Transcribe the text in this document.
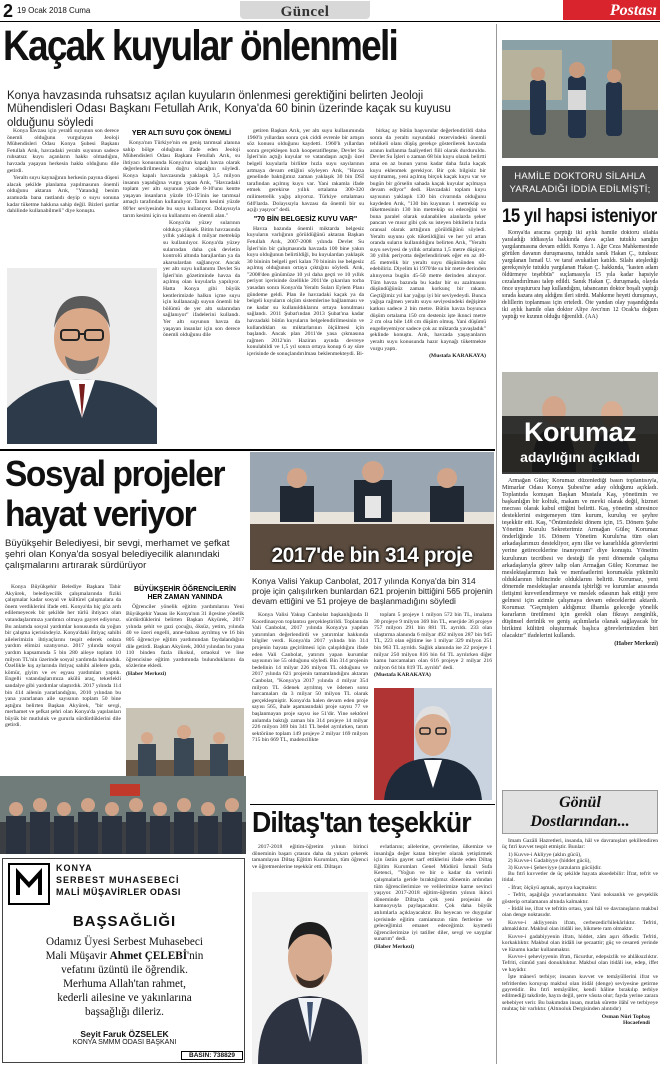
2 19 Ocak 2018 Cuma	Güncel	Postası
Kaçak kuyular önlenmeli
Konya havzasında ruhsatsız açılan kuyuların önlenmesi gerektiğini belirten Jeoloji Mühendisleri Odası Başkanı Fetullah Arık, Konya'da 60 binin üzerinde kaçak su kuyusu olduğunu söyledi

Konya havzası için yeraltı suyunun son derece önemli olduğunu vurgulayan Jeoloji Mühendisleri Odası Konya Şubesi Başkanı Fetullah Arık, havzadaki yeraltı suyunun sadece ruhsatsız kuyu açanların hakkı olmadığını, havzada yaşayan herkesin hakkı olduğunu dile getirdi.

Yeraltı suyu kaynağının herkesin payına düşeni alacak şekilde planlama yapılmasının önemli olduğunu aktaran Arık, "Yatandığ benim aramızda bana rastlandı deyip o suyu sonuna kadar tüketme hakkına sahip değil. Bizleri şartlar dahilinde kullanabilmeli" diye konuştu.

YER ALTI SUYU ÇOK ÖNEMLİ

Konya'nın Türkiye'nin en geniş tarımsal alanına sahip bölge olduğunu ifade eden Jeoloji Mühendisleri Odası Başkanı Fetullah Arık, su ihtiyacı konusunda Konya'nın kapalı havza olarak değerlendirilmesinin doğru olacağını söyledi. Konya kapalı havzasında yaklaşık 3,5 milyon insanın yaşadığına vurgu yapan Arık, "Havzadaki toplam yer altı suyunun yüzde 8-10'unu kentte yaşayan insanların yüzde 10-15'inin ise tarımsal amaçlı tarafından kullanılıyor. Tarım kesimi yüzde 80'ler seviyesinde bu suyu kullanıyor. Dolayısıyla tarım kesimi için su kullanımı en önemli alan."

Konya'da yüzey sularının oldukça yüksek. Bitim havzasında yıllık yaklaşık 4 milyar metreküp su kullanılıyor. Konya'da yüzey sularından daha çok devletin kontrolü altında barajlardan ya da akarsulardan sağlanıyor. Ancak yer altı suyu kullanımı Devlet Su İşleri'nin gözetiminde havza da açılmış olan kuyularla yapılıyor. Hatta Konya gibi büyük kentlerimizde halkın içme suyu için kullanacağı suyun önemli bir bölümü de yer altı sularından sağlanıyor" ifadelerini kullandı. Yer altı suyunun havza da yaşayan insanlar için son derece önemli olduğunu dile

getiren Başkan Arık, yer altı suyu kullanımında 1960'lı yıllardan sonra çok ciddi evrenle bir artışın söz konusu olduğunu kaydetti. 1960'lı yıllardan sonra gerçekleşen hızlı kooperatifleşme, Devlet Su İşleri'nin açtığı kuyular ve vatandaşın açtığı özel belgeli kuyularla birlikte hızla suyu sayılarının artmaya devam ettiğini söyleyen Arık, "Havza genelinde baktığımız zaman yaklaşık 30 bin DSİ tarafından açılmış kuyu var. Yani rakamla ifade etmek gerekirse yıllık ortalama 300-320 milimetrelik yağış alıyoruz. Türkiye ortalaması 640'larda. Dolayısıyla havzası da önemli bir su açığı yaşıyor" dedi.

"70 BİN BELGESİZ KUYU VAR"

Havza bazında önemli miktarda belgesiz kuyuların varlığının görüldüğünü aktaran Başkan Fetullah Arık, 2007-2008 yılında Devlet Su İşleri'nin bir çalışmasında havzada 100 bine yakın kuyu olduğunun belirtildiği, bu kuyulardan yaklaşık 30 bininin belgeli geri kalan 70 bininin ise belgesiz açılmış olduğunun ortaya çıktığını söyledi. Arık, "2008'den günümüze 10 yıl daha geçti ve 10 yıllık periyot içerisinde özellikle 2011'de çıkarılan torba yasadan sonra Konya'da Yeraltı Suları Eylem Planı gündeme geldi. Plan ile havzadaki kaçak ya da belgeli kuyuların olçüm sistemlerine bağlanması ve ne kadar su kullanıldıklarını ortaya konulması sağlandı. 2011 Şubat'ından 2013 Şubat'ına kadar havzadaki bütün kuyuların belgelendirilmesinin ve kullandıkları su miktarlarının ölçülmesi için başlandı. Ancak plan 2011'de yasa çıkmasına rağmen 2012'nin Haziran ayında devreye konulabildi ve 1,5 yıl sonra ortaya konup 6 ay süre içerisinde de sonuçlandırılması beklenmekteydi. Bi-

birkaç ay bütün başvurular değerlendirildi daha sonra da yeraltı suyundaki rezervindeki önemli tehlikeli olanı düşüş gerekçe gösterilerek havzada aranın kullanma faaliyetleri fiili olarak durduruldu. Devlet Su İşleri o zaman 68 bin kuyu olarak belirtti ama en az bunun yarısı kadar daha fazla kaçak kuyu eklenmek gerekiyor. Bir çok bilgisiz bir sayılmamış, yeni açılmış birçok kaçak kuyu var ve bugün bir görselin sahada kaçak kuyular açılmaya devam ediyor" dedi. Havzadaki toplam kuyu sayısının yaklaşık 130 bin civarında olduğunu kaydeden Arık, "130 bin kuyunun 1 metreküp su tüketmesinin 130 bin metreküp su edeceğini ve buna paralel olarak sulanabilen alanlarda şeker pancarı ve mısır gibi çok su isteyen bitkilerin hızla oransal olarak arttığının görüldüğünü söyledi. Yeraltı suyunu çok tüketildiğini ve her yıl artan oranda suların kullanıldığını belirten Arık, "Yeraltı suyu seviyesi de yıllık ortalama 1,5 metre düşüyor. 30 yıllık periyotta değerlendirirsek eğer en az 40-45 metrelik bir yeraltı suyu düşümünden söz edebiliriz. Diyelim ki 1970'de su bir metre derinden alınıyorsa bugün 45-50 metre derinden alınıyor. Tüm havza bazında bu kadar bir su azalmasını düşündüğünüz zaman korkunç bir rakam. Geçtiğimiz yıl kar yağışı iyi bir seviyedeydi. Bunca yağışa rağmen yeraltı suyu seviyesindeki değişime katkısı sadece 2 bin metre. Bütün havza boyunca düşüm ortalama 150 cm desteniz işte iknnci metre 2 cm olsa bile 148 cm düşüm olmuş. Yani düşümü engelleyemiyor sadece çok az miktarda yavaşladık" şeklinde konuştu. Arık, havzada yaşayanların yeraltı suyu konusunda hazır kaynağı tüketmekte vurgu yaptı.

(Mustafa KARAKAYA)
HAMİLE DOKTORU SİLAHLA
YARALADIĞI İDDİA EDİLMİŞTİ;
15 yıl hapsi isteniyor

Konya'da aracına çarptığı iki aylık hamile doktoru silahla yaraladığı iddiasıyla hakkında dava açılan tutuklu sanığın yargılanmasına devam edildi. Konya 1. Ağır Ceza Mahkemesinde görülen davanın duruşmasına, tutuklu sanık Hakan Ç., tutuksuz yargılanan İsmail U. ve taraf avukatları katıldı. Silahı ateşlediği gerekçesiyle tutuklu yargılanan Hakan Ç. hakkında, "kasten adam öldürmeye teşebbüs" suçlamasıyla 15 yıla kadar hapsiyle cezalandırılması talep edildi. Sanık Hakan Ç. duruşmada, olayda önce uyuşturucu hap kullandığını, tabancanın doktor boşalt yaptığı sırada kazara ateş aldığını ileri sürdü. Mahkeme heyeti duruşmayı, delillerin toplanması için erteledi. Öte yandan olay yaşandığında iki aylık hamile olan doktor Aliye Avcı'nın 12 Ocak'ta doğum yaptığı ve kızının olduğu öğrenildi. (AA)

Korumaz
adaylığını açıkladı

Armağan Güleç Korumaz düzenlediği basın toplantısıyla, Mimarlar Odası Konya Şubesi'ne aday olduğunu açıkladı. Toplantıda konuşan Başkan Mustafa Kaş, yönetimin ve başkanlığın bir koltuk, makam ve mevki olarak değil, hizmet mecrası olarak kabul ettiğini belirtti. Kaş, yönetim süresince desteklerini esirgemeyen tüm kurum, kuruluş ve şeyhre teşekkür etti. Kaş, "Önümüzdeki dönem için, 15. Dönem Şube Yönetim Kurulu Sekreterimiz Armağan Güleç Korumaz önderliğinde 16. Dönem Yönetim Kurulu'na tüm olan arkadaşlarımızı destekliyor, aynı ilke ve kararlılıkla görevlerini yerine getireceklerine inanıyorum" diye konuştu. Yönetim kurulunun tecrübesi ve desteği ile yeni dönemde çalışma arkadaşlarıyla görev talip olan Armağan Güleç Korumaz ise meslektaşlarımızı hak ve menfaatlerini korumakla yükümlü olduklarının bilincinde olduklarını belirtti. Korumaz, yeni dönemde meslektaşlar arasında işbirliği ve kurumlar arasında iletişimi kuvvetlendirmeye ve meslek odasının hak ettiği yere gelmesi için azimle çalışmaya devam edeceklerini aktardı. Korumaz "Geçmişten aldığımız ilhamla geleceğe yönelik kararların üretilmesi için gerekli olan fikrayı zenginlik, düşünsel derinlik ve geniş açılımlarla olanak sağlayacak bir birikimi kültürü oluşturmak başlıca görevlerimizden biri olacaktır" ifadelerini kullandı.

(Haber Merkezi)
Gönül
Dostlarından...

İmam Gazâli Hazretleri, insanda, hâl ve davranışları şekillendiren üç fıtrî kuvvet tespit etmiştir. Bunlar:

1) Kuvve-i Akliyye (aklın gücü),
2) Kuvve-i Gadabiyye (hiddet gücü),
3) Kuvve-i Şeheviyye (arzuların gücü)dir.

Bu fıtrî kuvvetler de üç şekilde hayata aksedebilir: İfrat, tefrit ve itidal.

- İfrat; ölçüyü aşmak, aşırıya kaçmaktır.

- Tefrit, aşağılığa yuvarlanmaktır. Yani noksanlık ve gevşeklik gösterip ortalamanın altında kalmaktır.

- İtidâl ise, ifrat ve tefritin ortası, yani hâl ve davranışların makbul olan denge noktasıdır.

Kuvve-i akliyyenin ifratı, cerbezedir/hilekârlıktır. Tefriti, ahmaklıktır. Makbul olan itidâli ise, hikmete ram olmaktır.

Kuvve-i gadabiyyenin ifratı, hiddet, zâm aşırı öfkedir. Tefriti, korkaklıktır. Makbul olan itidâli ise şecaattir; güç ve cesareti yerinde ve lüzumu kadar kullanmaktır.

Kuvve-i şeheviyyenin ifratı, fücurdur, edepsizlik ve ahlâksızlıktır. Tefriti, cümûd yani donukluktur. Makbul olan itidâli ise, edep, iffet ve hayâdır.

İşte mânevî terbiye; insanın kuvvet ve temâyüllerini ifrat ve tefritlerden koruyup makbul olan itidâl (denge) seviyesine getirme gayretidir. Bu fıtrî temâyüller, kendi hâline bırakılıp terbiye edilmediği takdirde, hayra değil, şerre vâsıta olur; fayda yerine zarara sebebiyet verir. Bu bakımdan insan, mutlak sûrette ilâhî ve terbiyeye muhtaç bir varlıktır. (Altınoluk Dergisinden alıntıdır)

Osman Nûri Topbaş
Hocaefendi
Sosyal projeler hayat veriyor
Büyükşehir Belediyesi, bir sevgi, merhamet ve şefkat şehri olan Konya'da sosyal belediyecilik alanındaki çalışmalarını artırarak sürdürüyor

Konya Büyükşehir Belediye Başkanı Tahir Akyürek, belediyecilik çalışmalarında fiziki çalışmalar kadar sosyal ve kültürel çalışmalara da önem verdiklerini ifade etti. Konya'da hiç göz ardı edilemeyecek bir şekilde her türlü ihtiyacı olan vatandaşlarımıza yardımcı olmaya gayret ediyoruz. Bu anlamda sosyal yardımlar konusunda da yoğun bir çalışma içerisindeyiz. Konya'daki ihtiyaç sahibi ailelerimizin ihtiyaçlarını tespit ederek onlara yardım elimizi uzatıyoruz. 2017 yılında sosyal yardım kapsamında 5 bin 280 aileye toplam 10 milyon TL'nin üzerinde sosyal yardımda bulunduk. Özellikle kış aylarında ihtiyaç sahibi ailelere gıda, kömür, giyim ve ev eşyası yardımları yaptık. Engelli vatandaşlarımıza akülü araç, tekerlekli sandalye gibi yardımlar ulaştırdık. 2017 yılında 114 bin 414 ailenin yararlandığını, 2010 yılından bu yana yararlanan aile sayısının toplam 50 bine aştığını belirten Başkan Akyürek, "bir sevgi, merhamet ve şefkat şehri olan Konya'da yapılanları büyük bir mutluluk ve gururla sürdürdüklerini dile getirdi.

BÜYÜKŞEHİR ÖĞRENCİLERİN HER ZAMAN YANINDA

Öğrenciler yönelik eğitim yardımlarını Yeni Büyükşehir Yasası ile Konya'nın 31 ilçesine yönelik sürdürdüklerini belirten Başkan Akyürek, 2017 yılında şehit ve gazi çocuğu, öksüz, yetim, yılında 40 ve üzeri engelli, anne-babası ayrılmış ve 16 bin 805 öğrenciye eğitim yardımından faydalandığını dile getirdi. Başkan Akyürek, 2004 yılından bu yana 110 binden fazla ilkokul, ortaokul ve lise öğrencisine eğitim yardımında bulunduklarını da sözlerine ekledi.

(Haber Merkezi)
2017'de bin 314 proje
Konya Valisi Yakup Canbolat, 2017 yılında Konya'da bin 314 proje için çalışılırken bunlardan 621 projenin bittiğini 565 projenin devam ettiğini ve 51 projeye de başlanmadığını söyledi

Konya Valisi Yakup Canbolat başkanlığında İl Koordinasyon toplantısı gerçekleştirildi. Toplantıda Vali Canbolat, 2017 yılında Konya'ya yapılan yatırımları değerlendirdi ve yatırımlar hakkında bilgiler verdi. Konya'da 2017 yılında bin 314 projenin hayata geçirilmesi için çalışıldığını ifade eden Vali Canbolat, yatırım yapan kurumlar sayısının ise 55 olduğunu söyledi. Bin 314 projenin bedelinin 14 milyar 226 milyon TL olduğunu ve 2017 yılında 621 projenin tamamlandığını aktaran Canbolat, "Konya'ya 2017 yılında 4 milyar 354 milyon TL ödenek ayrılmış ve ödenen sonu harcamaları da 3 milyar 50 milyon TL olarak gerçekleşmiştir. Konya'da halen devam eden proje sayısı 565, ihale aşamasındaki proje sayısı 77 ve başlanmayan proje sayısı ise 51'dir. Yine sektörel anlamda baktığı zaman bin 314 projeye 14 milyar 226 milyon 369 bin 341 TL bedel ayrılırken, tarım sektörüne toplam 149 projeye 2 milyar 169 milyon 715 bin 669 TL, madencilikte

toplam 5 projeye 1 milyon 572 bin TL, imalatta 30 projeye 9 milyon 369 bin TL, enerjide 36 projeye 757 milyon 291 bin 881 TL ayrıldı. 233 olan ulaştırma alanında 6 milyar 492 milyon 287 bin 945 TL, 223 olan eğitime ise 1 milyar 329 milyon 251 bin 963 TL ayrıldı. Sağlık alanında ise 22 projeye 1 milyar 250 milyon 816 bin 64 TL ayrılırken diğer kamu harcamaları olan 616 projeye 2 milyar 216 milyon 64 bin 819 TL ayrıldı" dedi.

(Mustafa KARAKAYA)
Diltaş'tan teşekkür

2017-2018 eğitim-öğretim yılının birinci döneminin başarı çıtasını daha da yukarı çekerek tamamlayan Diltaş Eğitim Kurumları, tüm öğrenci ve öğretmenlerine teşekkür etti. Diltaşın

evlatlarını; ailelerine, çevrelerine, ülkemize ve insanlığa değer katan bireyler olarak yetiştirmek için üstün gayret sarf ettiklerini ifade eden Diltaş Eğitim Kurumları Genel Müdürü İsmail Sufa Ketenci, "Yoğun ve bir o kadar da verimli çalışmalarla geride bıraktığımız dönemin ardından tüm öğrencilerimize ve velilerimize karne sevinci yaşıyor. 2017-2018 eğitim-öğretim yılının ikinci döneminde Diltaş'ta çok yeni projesini de kamuoyuyla paylaşacaktır. Çok daha büyük atılımlarla açıklayacaktır. Bu heyecan ve duygular içerisinde eğitim camiamızın tüm fertlerine ve geleceğimizi emanet edeceğimiz kıymetli öğrencilerimize iyi tatiller diler, sevgi ve saygılar sunarım" dedi.

(Haber Merkezi)
KONYA
SERBEST MUHASEBECİ
MALİ MÜŞAVİRLER ODASI
BAŞSAĞLIĞI
Odamız Üyesi Serbest Muhasebeci
Mali Müşavir Ahmet ÇELEBİ'nin
vefatını üzüntü ile öğrendik.
Merhuma Allah'tan rahmet,
kederli ailesine ve yakınlarına
başsağlığı dileriz.
Seyit Faruk ÖZSELEK
KONYA SMMM ODASI BAŞKANI
BASIN: 738829
